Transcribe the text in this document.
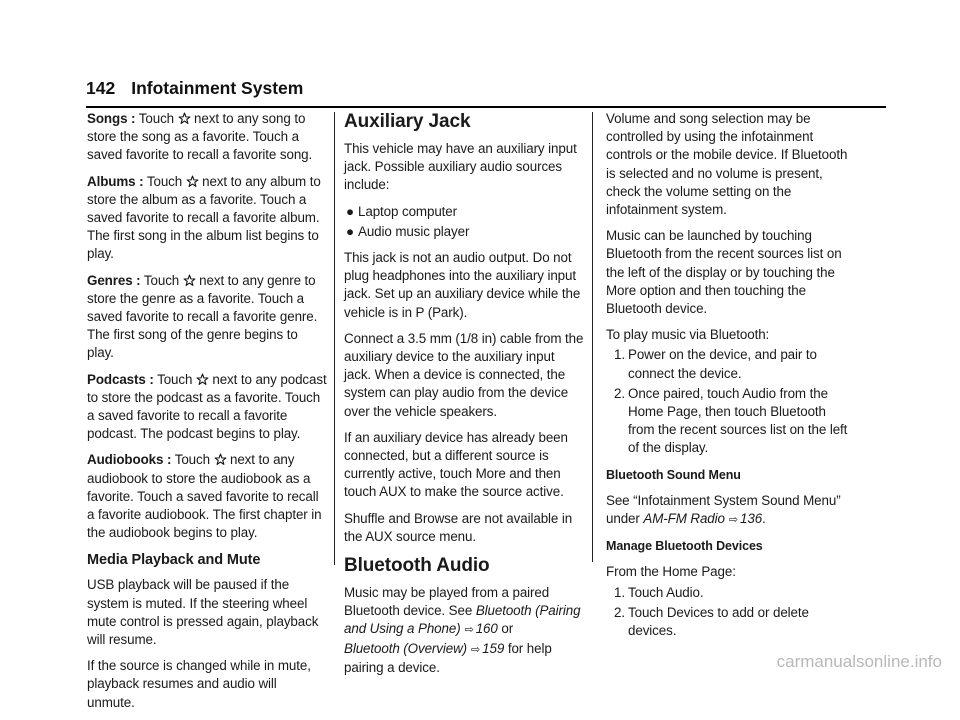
142 Infotainment System

Songs : Touch next to any song to store the song as a favorite. Touch a saved favorite to recall a favorite song.

Albums : Touch next to any album to store the album as a favorite. Touch a saved favorite to recall a favorite album. The first song in the album list begins to play.

Genres : Touch next to any genre to store the genre as a favorite. Touch a saved favorite to recall a favorite genre. The first song of the genre begins to play.

Podcasts : Touch next to any podcast to store the podcast as a favorite. Touch a saved favorite to recall a favorite podcast. The podcast begins to play.

Audiobooks : Touch next to any audiobook to store the audiobook as a favorite. Touch a saved favorite to recall a favorite audiobook. The first chapter in the audiobook begins to play.

Media Playback and Mute

USB playback will be paused if the system is muted. If the steering wheel mute control is pressed again, playback will resume.

If the source is changed while in mute, playback resumes and audio will unmute.

Auxiliary Jack

This vehicle may have an auxiliary input jack. Possible auxiliary audio sources include:

● Laptop computer
● Audio music player

This jack is not an audio output. Do not plug headphones into the auxiliary input jack. Set up an auxiliary device while the vehicle is in P (Park).

Connect a 3.5 mm (1/8 in) cable from the auxiliary device to the auxiliary input jack. When a device is connected, the system can play audio from the device over the vehicle speakers.

If an auxiliary device has already been connected, but a different source is currently active, touch More and then touch AUX to make the source active.

Shuffle and Browse are not available in the AUX source menu.

Bluetooth Audio

Music may be played from a paired Bluetooth device. See Bluetooth (Pairing and Using a Phone) ⇨ 160 or
Bluetooth (Overview) ⇨ 159 for help pairing a device.

Volume and song selection may be controlled by using the infotainment controls or the mobile device. If Bluetooth is selected and no volume is present, check the volume setting on the infotainment system.

Music can be launched by touching Bluetooth from the recent sources list on the left of the display or by touching the More option and then touching the Bluetooth device.

To play music via Bluetooth:

1. Power on the device, and pair to connect the device.
2. Once paired, touch Audio from the Home Page, then touch Bluetooth from the recent sources list on the left of the display.

Bluetooth Sound Menu

See “Infotainment System Sound Menu” under AM-FM Radio ⇨ 136.

Manage Bluetooth Devices

From the Home Page:

1. Touch Audio.
2. Touch Devices to add or delete devices.
carmanualsonline.info
